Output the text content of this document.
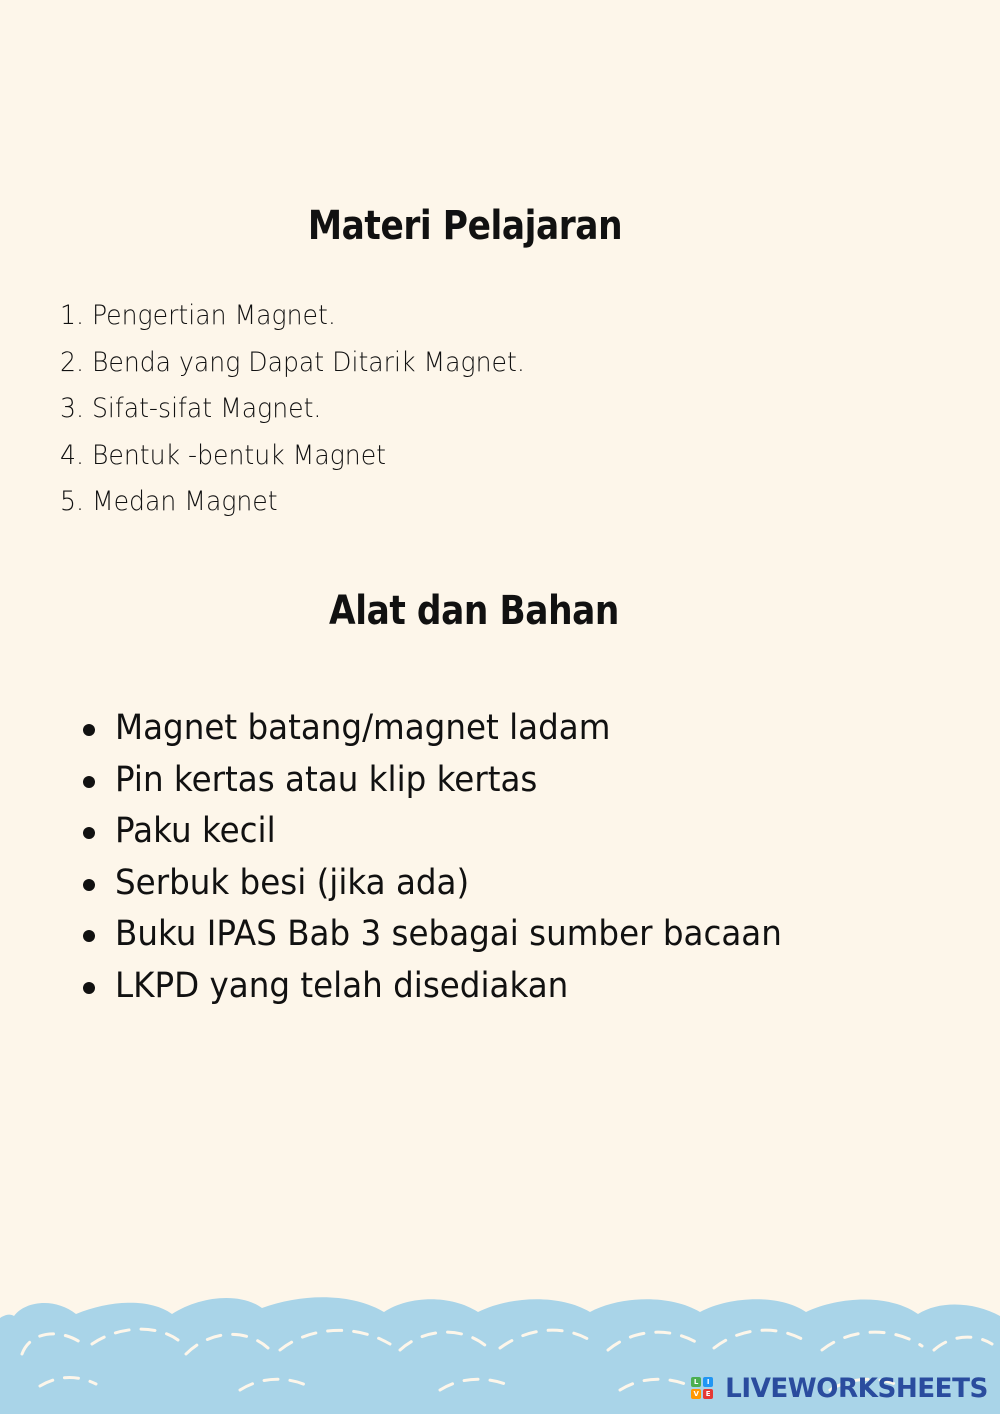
Materi Pelajaran
1. Pengertian Magnet.
2. Benda yang Dapat Ditarik Magnet.
3. Sifat-sifat Magnet.
4. Bentuk -bentuk Magnet
5. Medan Magnet
Alat dan Bahan
Magnet batang/magnet ladam
Pin kertas atau klip kertas
Paku kecil
Serbuk besi (jika ada)
Buku IPAS Bab 3 sebagai sumber bacaan
LKPD yang telah disediakan
L	I
V E LIVEWORKSHEETS
